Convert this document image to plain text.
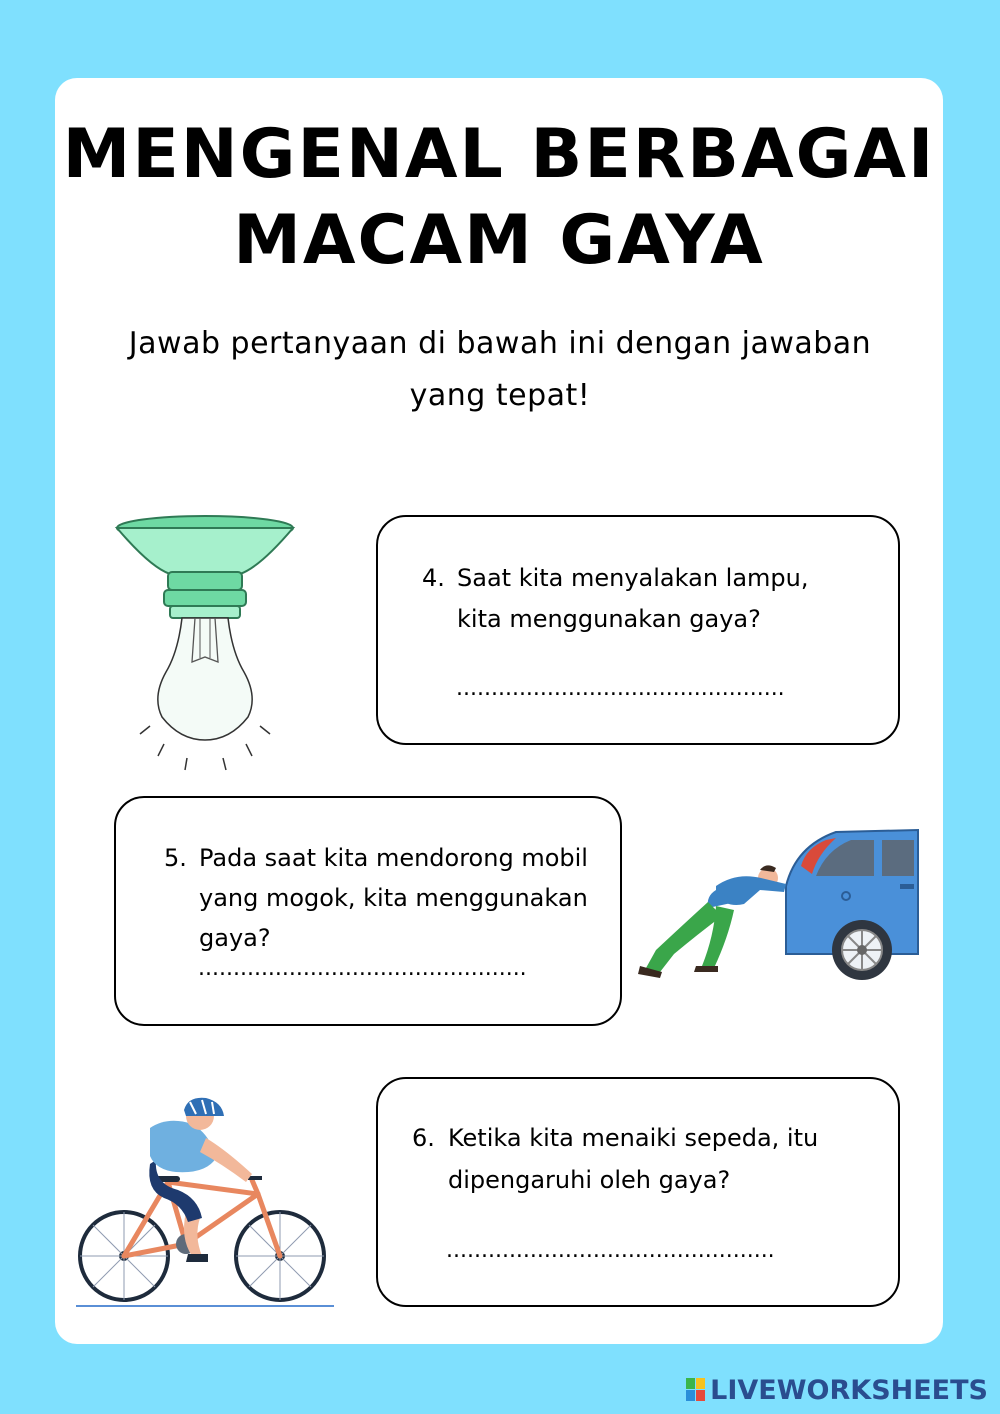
MENGENAL BERBAGAI
MACAM GAYA
Jawab pertanyaan di bawah ini dengan jawaban
yang tepat!
4. Saat kita menyalakan lampu,
kita menggunakan gaya?
...............................................
5. Pada saat kita mendorong mobil
yang mogok, kita menggunakan
gaya?
...............................................
6. Ketika kita menaiki sepeda, itu
dipengaruhi oleh gaya?
...............................................
LIVEWORKSHEETS
